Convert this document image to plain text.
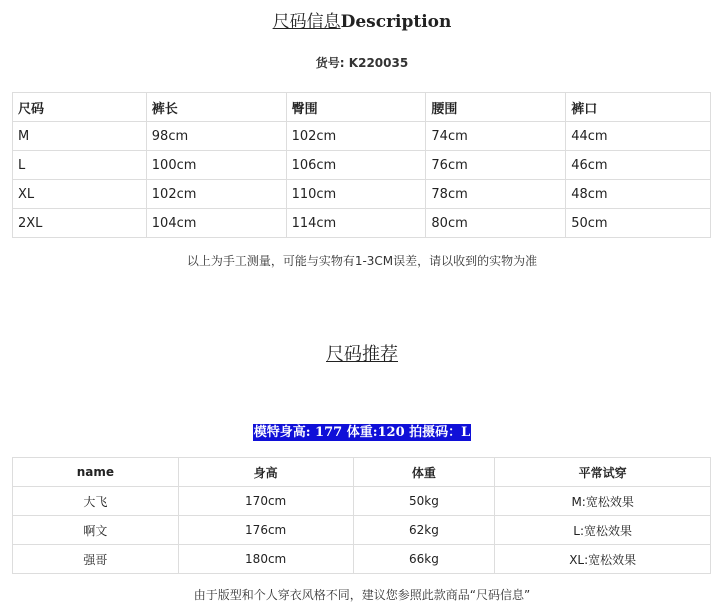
尺码信息Description
货号: K220035
尺码	裤长	臀围	腰围	裤口
M	98cm	102cm	74cm	44cm
L	100cm	106cm	76cm	46cm
XL	102cm	110cm	78cm	48cm
2XL	104cm	114cm	80cm	50cm
以上为手工测量，可能与实物有1-3CM误差，请以收到的实物为准
尺码推荐
模特身高: 177 体重:120 拍摄码：L
name	身高	体重	平常试穿
大飞	170cm	50kg	M:宽松效果
啊文	176cm	62kg	L:宽松效果
强哥	180cm	66kg	XL:宽松效果
由于版型和个人穿衣风格不同，建议您参照此款商品“尺码信息”
